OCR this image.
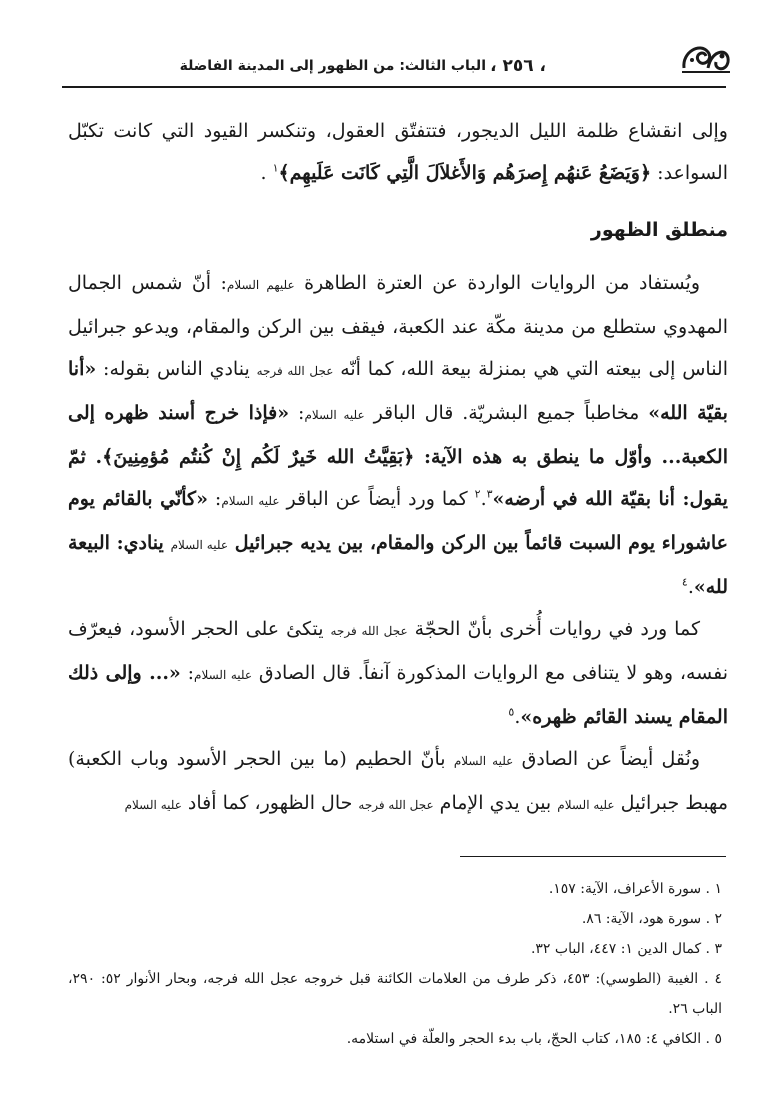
، ٢٥٦ ،
الباب الثالث: من الظهور إلى المدينة الفاضلة

وإلى انقشاع ظلمة الليل الديجور، فتتفتّق العقول، وتنكسر القيود التي كانت تكبّل السواعد: ﴿وَيَضَعُ عَنهُم إِصرَهُم وَالأَغلاَلَ الَّتِي كَانَت عَلَيهِم﴾$^١$ .

منطلق الظهور

ويُستفاد من الروايات الواردة عن العترة الطاهرة عليهم السلام: أنّ شمس الجمال المهدوي ستطلع من مدينة مكّة عند الكعبة، فيقف بين الركن والمقام، ويدعو جبرائيل الناس إلى بيعته التي هي بمنزلة بيعة الله، كما أنّه عجل الله فرجه ينادي الناس بقوله: «أنا بقيّة الله» مخاطباً جميع البشريّة. قال الباقر عليه السلام: «فإذا خرج أسند ظهره إلى الكعبة... وأوّل ما ينطق به هذه الآية: ﴿بَقِيَّتُ الله خَيرٌ لَكُم إِنْ كُنتُم مُؤمِنِينَ﴾. ثمّ يقول: أنا بقيّة الله في أرضه»$^٢$.$^٣$ كما ورد أيضاً عن الباقر عليه السلام: «كأنّي بالقائم يوم عاشوراء يوم السبت قائماً بين الركن والمقام، بين يديه جبرائيل عليه السلام ينادي: البيعة لله».$^٤$

كما ورد في روايات أُخرى بأنّ الحجّة عجل الله فرجه يتكئ على الحجر الأسود، فيعرّف نفسه، وهو لا يتنافى مع الروايات المذكورة آنفاً. قال الصادق عليه السلام: «... وإلى ذلك المقام يسند القائم ظهره».$^٥$

ونُقل أيضاً عن الصادق عليه السلام بأنّ الحطيم (ما بين الحجر الأسود وباب الكعبة) مهبط جبرائيل عليه السلام بين يدي الإمام عجل الله فرجه حال الظهور، كما أفاد عليه السلام

١ . سورة الأعراف، الآية: ١٥٧.

٢ . سورة هود، الآية: ٨٦.

٣ . كمال الدين ١: ٤٤٧، الباب ٣٢.

٤ . الغيبة (الطوسي): ٤٥٣، ذكر طرف من العلامات الكائنة قبل خروجه عجل الله فرجه، وبحار الأنوار ٥٢: ٢٩٠، الباب ٢٦.

٥ . الكافي ٤: ١٨٥، كتاب الحجّ، باب بدء الحجر والعلّة في استلامه.
